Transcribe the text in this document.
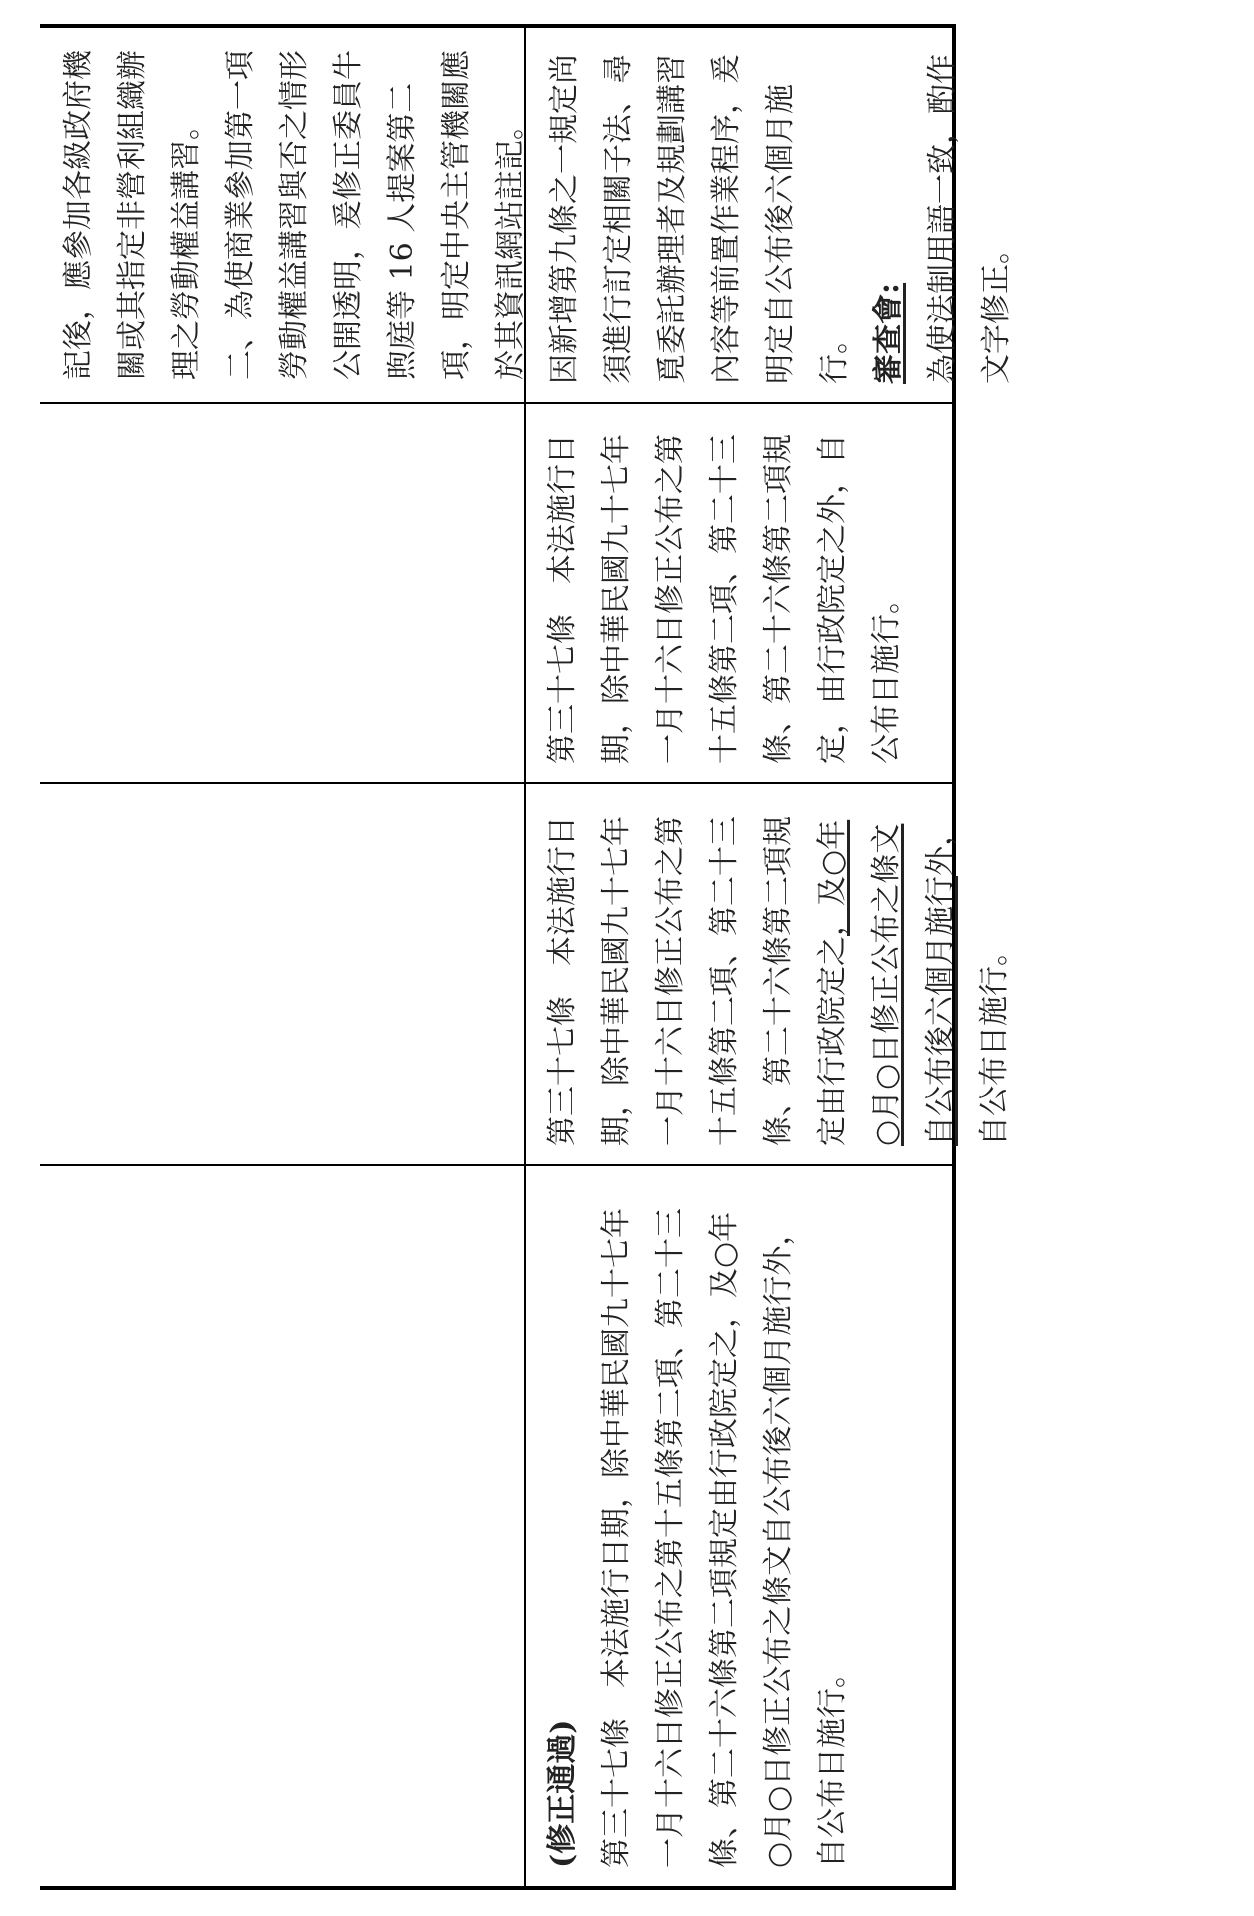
記後，應參加各級政府機關或其指定非營利組織辦理之勞動權益講習。 二、為使商業參加第一項勞動權益講習與否之情形公開透明，爰修正委員牛煦庭等 16 人提案第二項，明定中央主管機關應於其資訊網站註記。 因新增第九條之一規定尚須進行訂定相關子法、尋覓委託辦理者及規劃講習內容等前置作業程序，爰明定自公布後六個月施行。 審查會: 為使法制用語一致，酌作文字修正。

第三十七條　本法施行日期，除中華民國九十七年一月十六日修正公布之第十五條第二項、第二十三條、第二十六條第二項規定，由行政院定之外，自公布日施行。

第三十七條　本法施行日期，除中華民國九十七年一月十六日修正公布之第十五條第二項、第二十三條、第二十六條第二項規定由行政院定之，及○年○月○日修正公布之條文自公布後六個月施行外，自公布日施行。

(修正通過) 第三十七條　本法施行日期，除中華民國九十七年一月十六日修正公布之第十五條第二項、第二十三條、第二十六條第二項規定由行政院定之，及○年○月○日修正公布之條文自公布後六個月施行外，自公布日施行。
